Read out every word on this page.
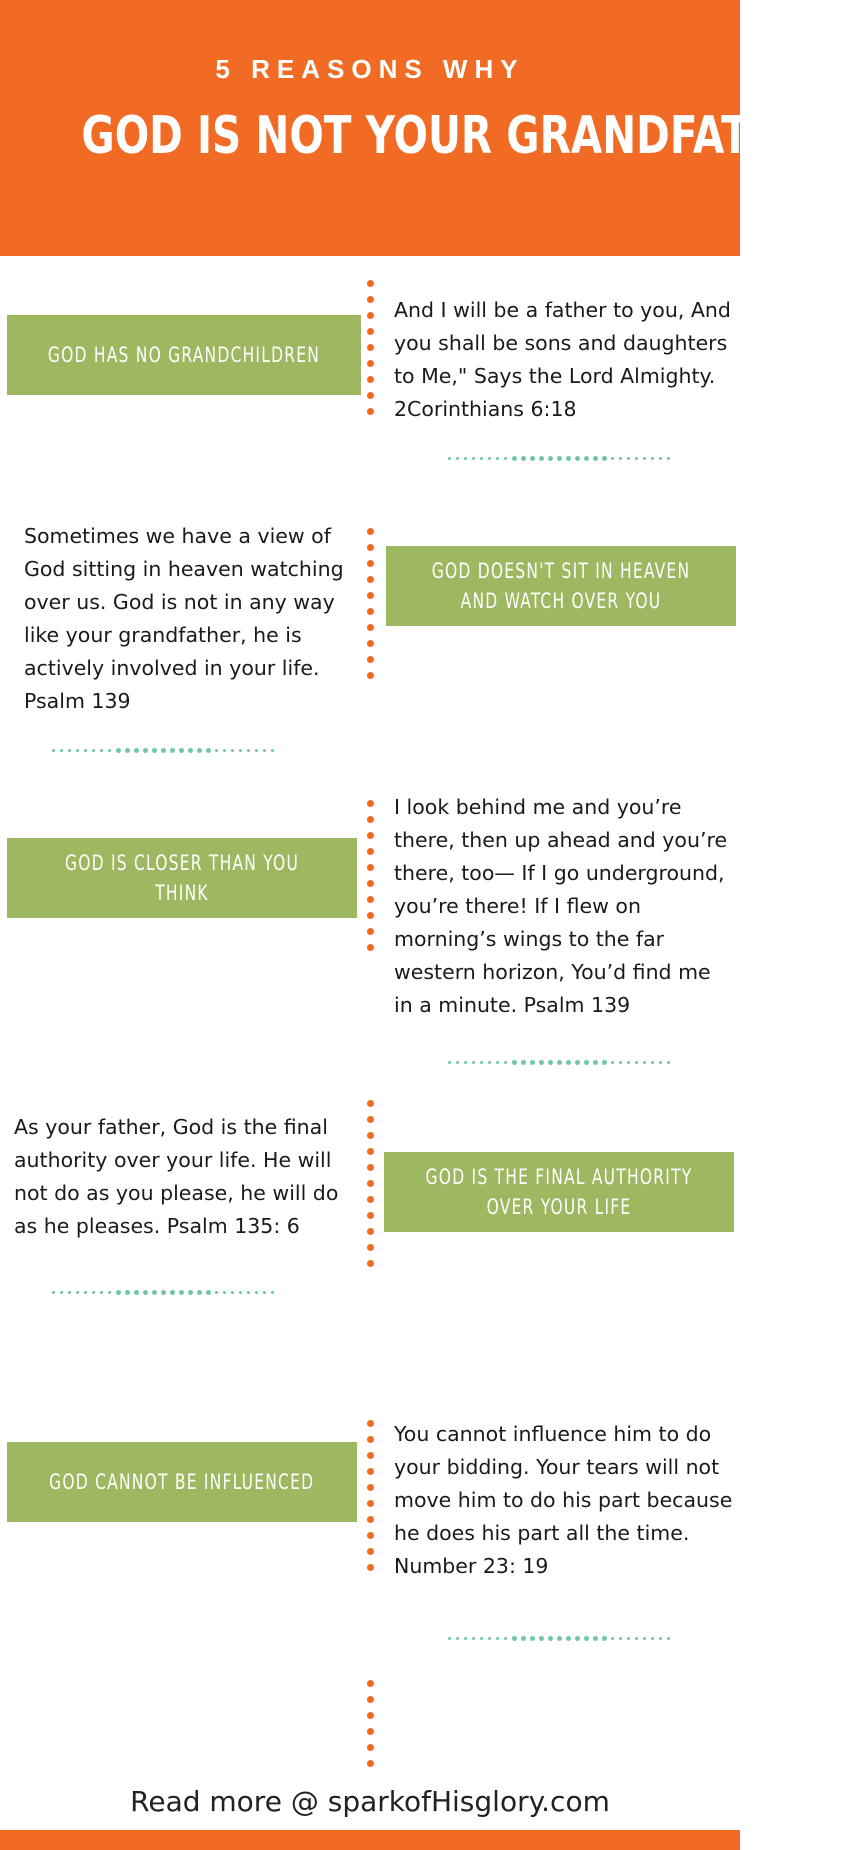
5 REASONS WHY
GOD IS NOT YOUR GRANDFATHER
GOD HAS NO GRANDCHILDREN
And I will be a father to you, And you shall be sons and daughters to Me," Says the Lord Almighty. 2Corinthians 6:18
Sometimes we have a view of God sitting in heaven watching over us. God is not in any way like your grandfather, he is actively involved in your life. Psalm 139
GOD DOESN'T SIT IN HEAVEN AND WATCH OVER YOU
GOD IS CLOSER THAN YOU THINK
I look behind me and you’re there, then up ahead and you’re there, too— If I go underground, you’re there! If I flew on morning’s wings to the far western horizon, You’d find me in a minute. Psalm 139
As your father, God is the final authority over your life. He will not do as you please, he will do as he pleases. Psalm 135: 6
GOD IS THE FINAL AUTHORITY OVER YOUR LIFE
GOD CANNOT BE INFLUENCED
You cannot influence him to do your bidding. Your tears will not move him to do his part because he does his part all the time. Number 23: 19
Read more @ sparkofHisglory.com
